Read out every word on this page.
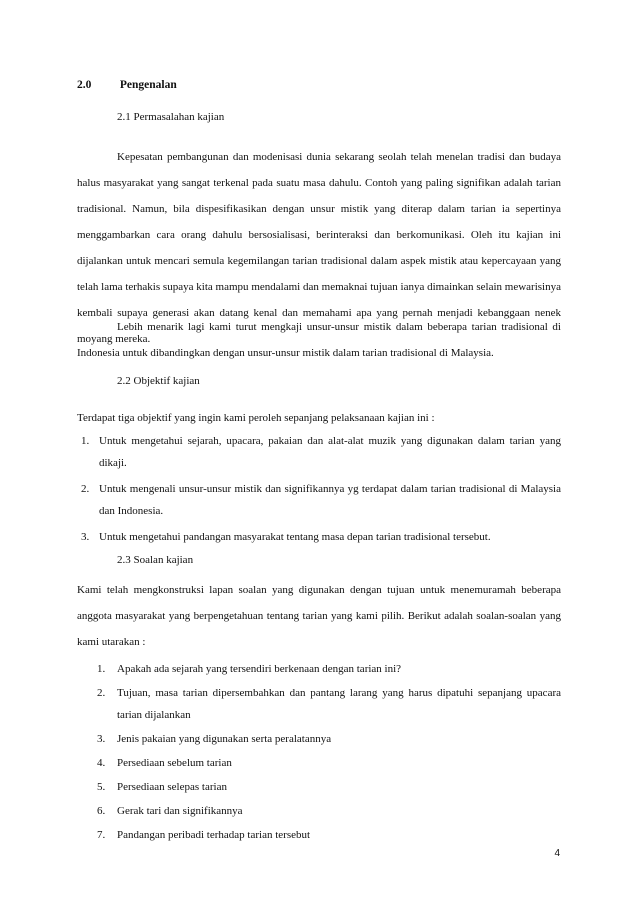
2.0 Pengenalan
2.1 Permasalahan kajian

Kepesatan pembangunan dan modenisasi dunia sekarang seolah telah menelan tradisi dan budaya halus masyarakat yang sangat terkenal pada suatu masa dahulu. Contoh yang paling signifikan adalah tarian tradisional. Namun, bila dispesifikasikan dengan unsur mistik yang diterap dalam tarian ia sepertinya menggambarkan cara orang dahulu bersosialisasi, berinteraksi dan berkomunikasi. Oleh itu kajian ini dijalankan untuk mencari semula kegemilangan tarian tradisional dalam aspek mistik atau kepercayaan yang telah lama terhakis supaya kita mampu mendalami dan memaknai tujuan ianya dimainkan selain mewarisinya kembali supaya generasi akan datang kenal dan memahami apa yang pernah menjadi kebanggaan nenek moyang mereka.

Lebih menarik lagi kami turut mengkaji unsur-unsur mistik dalam beberapa tarian tradisional di Indonesia untuk dibandingkan dengan unsur-unsur mistik dalam tarian tradisional di Malaysia.

2.2 Objektif kajian

Terdapat tiga objektif yang ingin kami peroleh sepanjang pelaksanaan kajian ini :

1. Untuk mengetahui sejarah, upacara, pakaian dan alat-alat muzik yang digunakan dalam tarian yang dikaji.
2. Untuk mengenali unsur-unsur mistik dan signifikannya yg terdapat dalam tarian tradisional di Malaysia dan Indonesia.
3. Untuk mengetahui pandangan masyarakat tentang masa depan tarian tradisional tersebut.
2.3 Soalan kajian

Kami telah mengkonstruksi lapan soalan yang digunakan dengan tujuan untuk menemuramah beberapa anggota masyarakat yang berpengetahuan tentang tarian yang kami pilih. Berikut adalah soalan-soalan yang kami utarakan :

1. Apakah ada sejarah yang tersendiri berkenaan dengan tarian ini?
2. Tujuan, masa tarian dipersembahkan dan pantang larang yang harus dipatuhi sepanjang upacara tarian dijalankan
3. Jenis pakaian yang digunakan serta peralatannya
4. Persediaan sebelum tarian
5. Persediaan selepas tarian
6. Gerak tari dan signifikannya
7. Pandangan peribadi terhadap tarian tersebut
4
